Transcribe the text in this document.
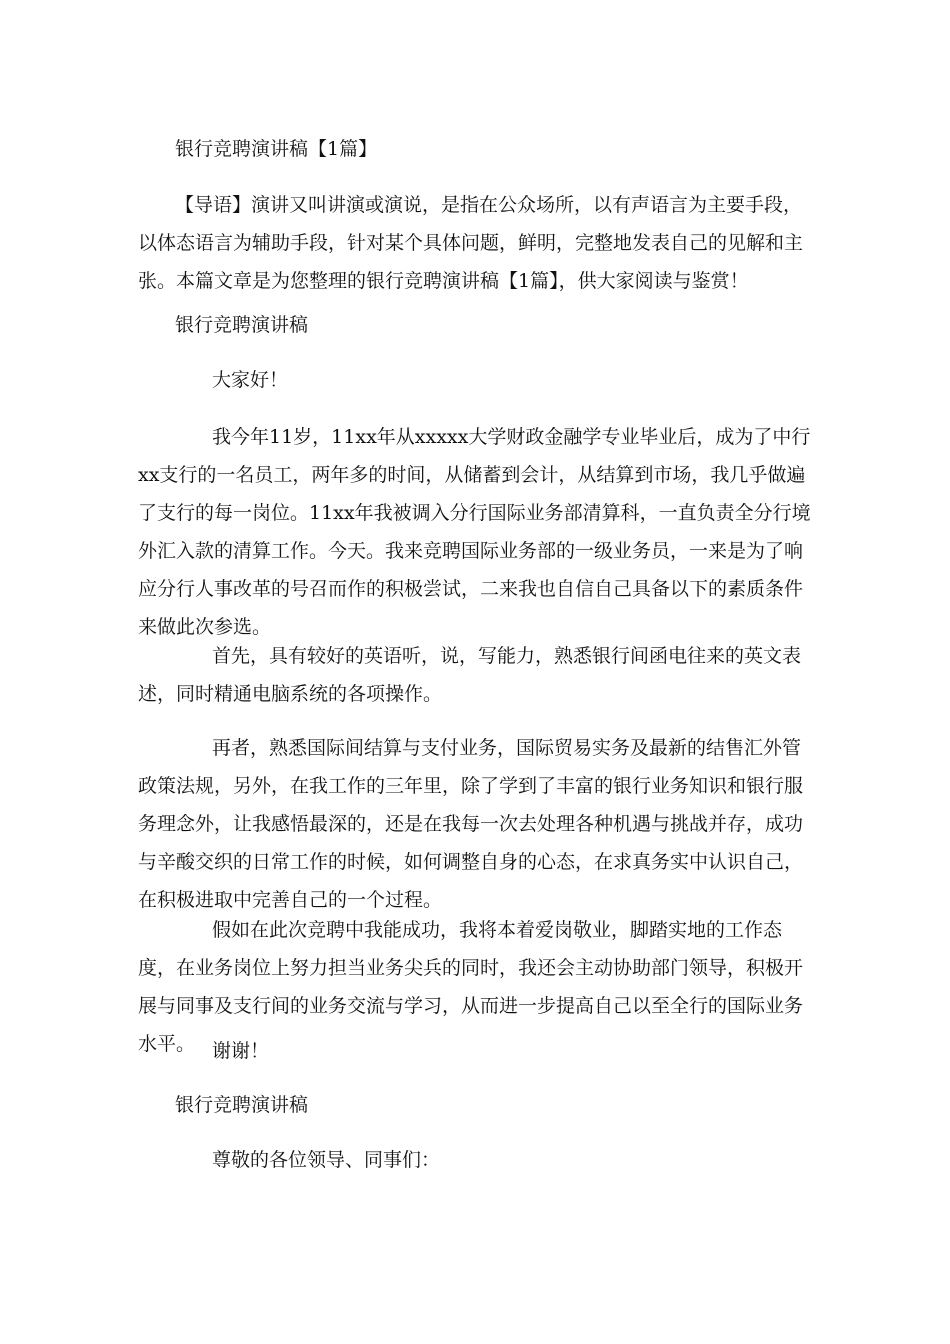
银行竞聘演讲稿【1篇】
【导语】演讲又叫讲演或演说，是指在公众场所，以有声语言为主要手段，以体态语言为辅助手段，针对某个具体问题，鲜明，完整地发表自己的见解和主张。本篇文章是为您整理的银行竞聘演讲稿【1篇】，供大家阅读与鉴赏！
银行竞聘演讲稿
大家好！
我今年11岁，11xx年从xxxxx大学财政金融学专业毕业后，成为了中行xx支行的一名员工，两年多的时间，从储蓄到会计，从结算到市场，我几乎做遍了支行的每一岗位。11xx年我被调入分行国际业务部清算科，一直负责全分行境外汇入款的清算工作。今天。我来竞聘国际业务部的一级业务员，一来是为了响应分行人事改革的号召而作的积极尝试，二来我也自信自己具备以下的素质条件来做此次参选。
首先，具有较好的英语听，说，写能力，熟悉银行间函电往来的英文表述，同时精通电脑系统的各项操作。
再者，熟悉国际间结算与支付业务，国际贸易实务及最新的结售汇外管政策法规，另外，在我工作的三年里，除了学到了丰富的银行业务知识和银行服务理念外，让我感悟最深的，还是在我每一次去处理各种机遇与挑战并存，成功与辛酸交织的日常工作的时候，如何调整自身的心态，在求真务实中认识自己，在积极进取中完善自己的一个过程。
假如在此次竞聘中我能成功，我将本着爱岗敬业，脚踏实地的工作态度，在业务岗位上努力担当业务尖兵的同时，我还会主动协助部门领导，积极开展与同事及支行间的业务交流与学习，从而进一步提高自己以至全行的国际业务水平。 谢谢！
银行竞聘演讲稿
尊敬的各位领导、同事们：
